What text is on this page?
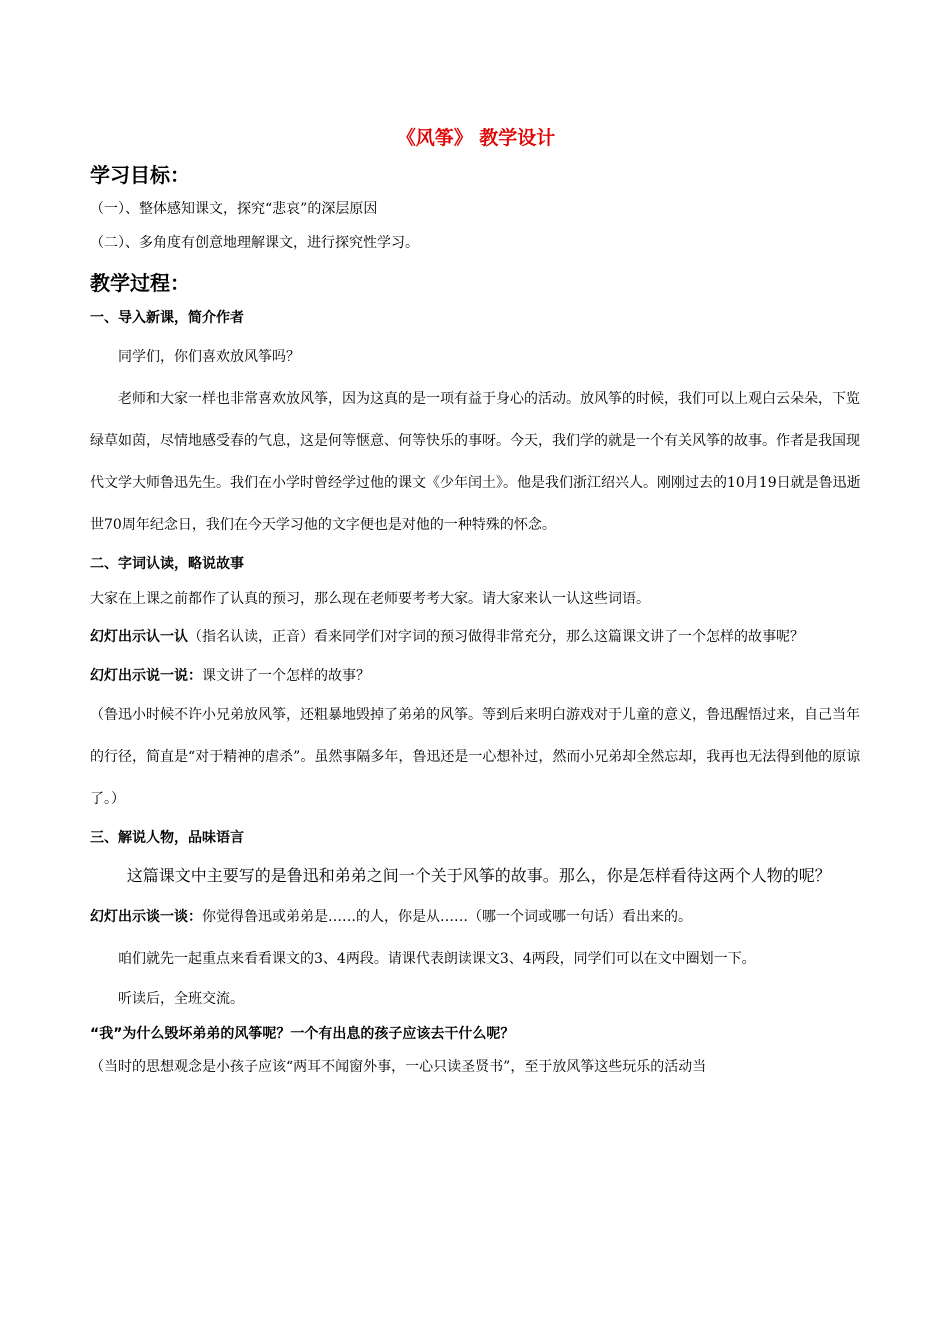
《风筝》 教学设计

学习目标：

（一）、整体感知课文，探究“悲哀”的深层原因

（二）、多角度有创意地理解课文，进行探究性学习。

教学过程：
一、导入新课，简介作者

同学们，你们喜欢放风筝吗？

老师和大家一样也非常喜欢放风筝，因为这真的是一项有益于身心的活动。放风筝的时候，我们可以上观白云朵朵，下览绿草如茵，尽情地感受春的气息，这是何等惬意、何等快乐的事呀。今天，我们学的就是一个有关风筝的故事。作者是我国现代文学大师鲁迅先生。我们在小学时曾经学过他的课文《少年闰土》。他是我们浙江绍兴人。刚刚过去的10月19日就是鲁迅逝世70周年纪念日，我们在今天学习他的文字便也是对他的一种特殊的怀念。

二、字词认读，略说故事

大家在上课之前都作了认真的预习，那么现在老师要考考大家。请大家来认一认这些词语。

幻灯出示认一认（指名认读，正音）看来同学们对字词的预习做得非常充分，那么这篇课文讲了一个怎样的故事呢？

幻灯出示说一说：课文讲了一个怎样的故事？

（鲁迅小时候不许小兄弟放风筝，还粗暴地毁掉了弟弟的风筝。等到后来明白游戏对于儿童的意义，鲁迅醒悟过来，自己当年的行径，简直是“对于精神的虐杀”。虽然事隔多年，鲁迅还是一心想补过，然而小兄弟却全然忘却，我再也无法得到他的原谅了。）

三、解说人物，品味语言

这篇课文中主要写的是鲁迅和弟弟之间一个关于风筝的故事。那么，你是怎样看待这两个人物的呢？

幻灯出示谈一谈：你觉得鲁迅或弟弟是……的人，你是从……（哪一个词或哪一句话）看出来的。

咱们就先一起重点来看看课文的3、4两段。请课代表朗读课文3、4两段，同学们可以在文中圈划一下。

听读后，全班交流。

“我”为什么毁坏弟弟的风筝呢？一个有出息的孩子应该去干什么呢？

（当时的思想观念是小孩子应该“两耳不闻窗外事，一心只读圣贤书”，至于放风筝这些玩乐的活动当
